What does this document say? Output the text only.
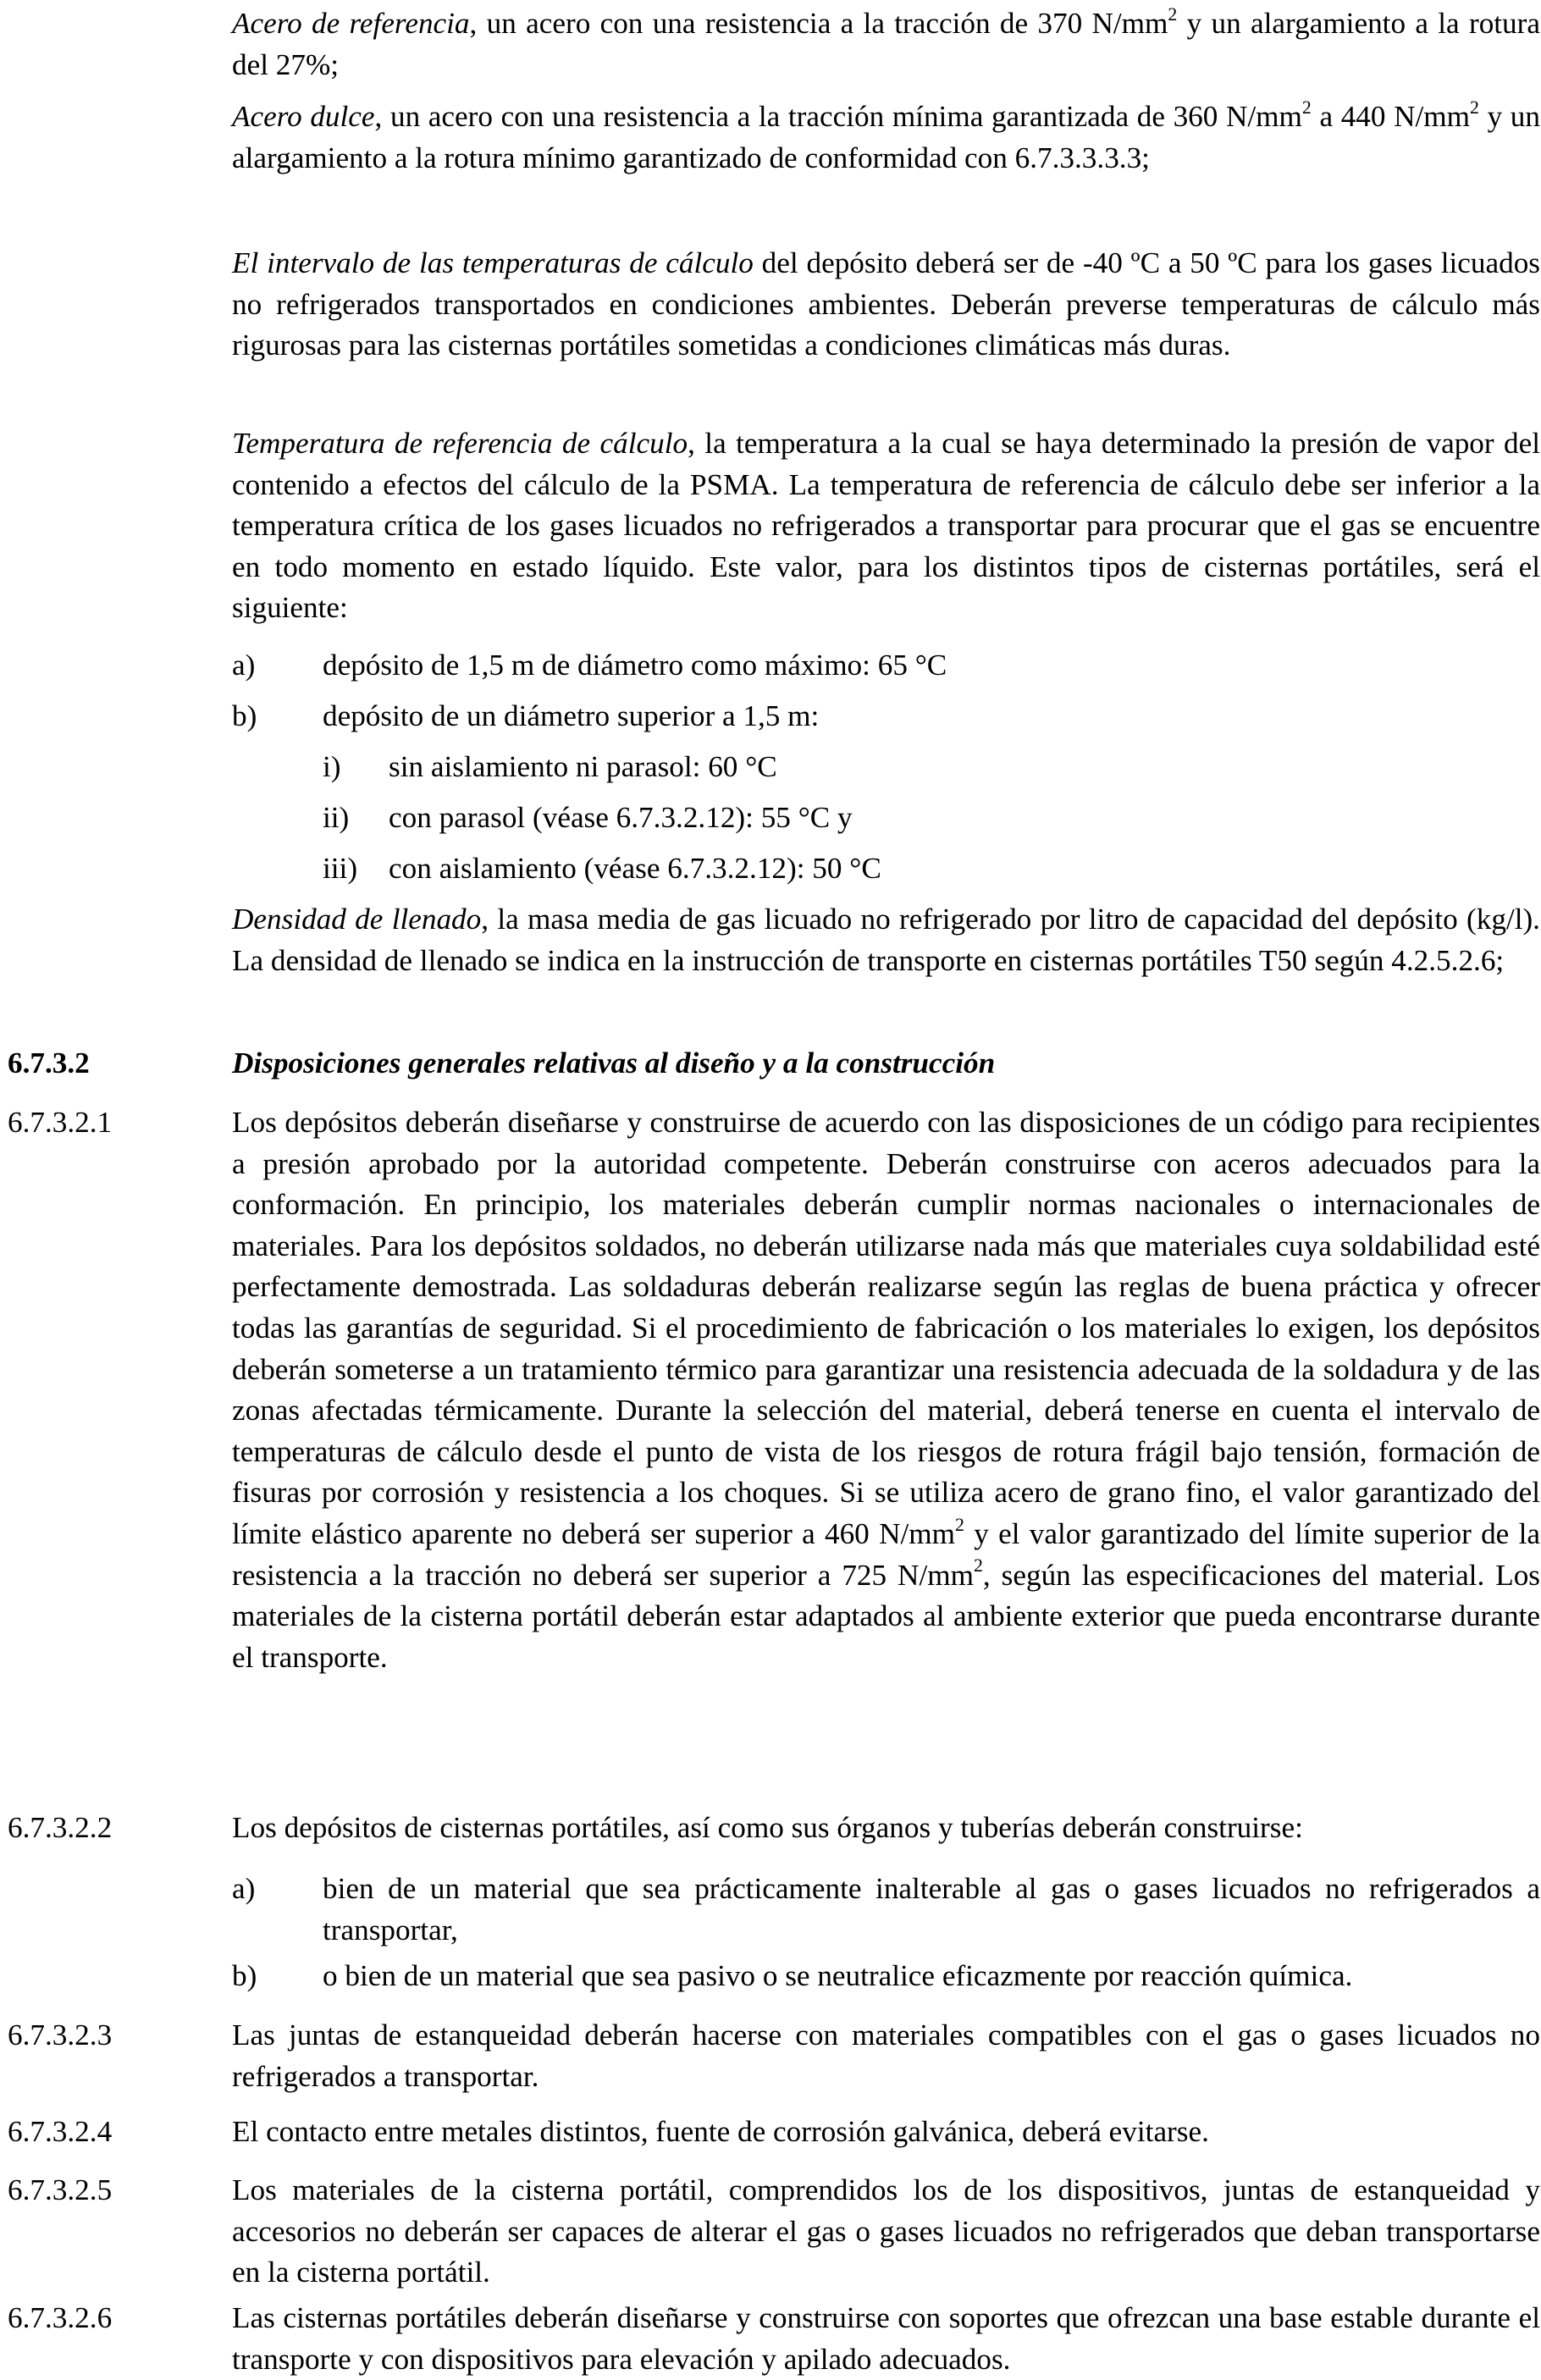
Acero de referencia, un acero con una resistencia a la tracción de 370 $N/mm^2$ y un alargamiento a la rotura del 27%;

Acero dulce, un acero con una resistencia a la tracción mínima garantizada de 360 $N/mm^2$ a 440 $N/mm^2$ y un alargamiento a la rotura mínimo garantizado de conformidad con 6.7.3.3.3.3;

El intervalo de las temperaturas de cálculo del depósito deberá ser de -40 ºC a 50 ºC para los gases licuados no refrigerados transportados en condiciones ambientes. Deberán preverse temperaturas de cálculo más rigurosas para las cisternas portátiles sometidas a condiciones climáticas más duras.

Temperatura de referencia de cálculo, la temperatura a la cual se haya determinado la presión de vapor del contenido a efectos del cálculo de la PSMA. La temperatura de referencia de cálculo debe ser inferior a la temperatura crítica de los gases licuados no refrigerados a transportar para procurar que el gas se encuentre en todo momento en estado líquido. Este valor, para los distintos tipos de cisternas portátiles, será el siguiente:

a) depósito de 1,5 m de diámetro como máximo: 65 °C
b) depósito de un diámetro superior a 1,5 m:
i) sin aislamiento ni parasol: 60 °C
ii) con parasol (véase 6.7.3.2.12): 55 °C y
iii) con aislamiento (véase 6.7.3.2.12): 50 °C

Densidad de llenado, la masa media de gas licuado no refrigerado por litro de capacidad del depósito (kg/l). La densidad de llenado se indica en la instrucción de transporte en cisternas portátiles T50 según 4.2.5.2.6;

6.7.3.2	Disposiciones generales relativas al diseño y a la construcción
6.7.3.2.1	Los depósitos deberán diseñarse y construirse de acuerdo con las disposiciones de un código para recipientes a presión aprobado por la autoridad competente. Deberán construirse con aceros adecuados para la conformación. En principio, los materiales deberán cumplir normas nacionales o internacionales de materiales. Para los depósitos soldados, no deberán utilizarse nada más que materiales cuya soldabilidad esté perfectamente demostrada. Las soldaduras deberán realizarse según las reglas de buena práctica y ofrecer todas las garantías de seguridad. Si el procedimiento de fabricación o los materiales lo exigen, los depósitos deberán someterse a un tratamiento térmico para garantizar una resistencia adecuada de la soldadura y de las zonas afectadas térmicamente. Durante la selección del material, deberá tenerse en cuenta el intervalo de temperaturas de cálculo desde el punto de vista de los riesgos de rotura frágil bajo tensión, formación de fisuras por corrosión y resistencia a los choques. Si se utiliza acero de grano fino, el valor garantizado del límite elástico aparente no deberá ser superior a 460 $N/mm^2$ y el valor garantizado del límite superior de la resistencia a la tracción no deberá ser superior a 725 $N/mm^2$, según las especificaciones del material. Los materiales de la cisterna portátil deberán estar adaptados al ambiente exterior que pueda encontrarse durante el transporte.
6.7.3.2.2	Los depósitos de cisternas portátiles, así como sus órganos y tuberías deberán construirse:
a) bien de un material que sea prácticamente inalterable al gas o gases licuados no refrigerados a transportar,
b) o bien de un material que sea pasivo o se neutralice eficazmente por reacción química.
6.7.3.2.3	Las juntas de estanqueidad deberán hacerse con materiales compatibles con el gas o gases licuados no refrigerados a transportar.
6.7.3.2.4	El contacto entre metales distintos, fuente de corrosión galvánica, deberá evitarse.
6.7.3.2.5	Los materiales de la cisterna portátil, comprendidos los de los dispositivos, juntas de estanqueidad y accesorios no deberán ser capaces de alterar el gas o gases licuados no refrigerados que deban transportarse en la cisterna portátil.
6.7.3.2.6	Las cisternas portátiles deberán diseñarse y construirse con soportes que ofrezcan una base estable durante el transporte y con dispositivos para elevación y apilado adecuados.
